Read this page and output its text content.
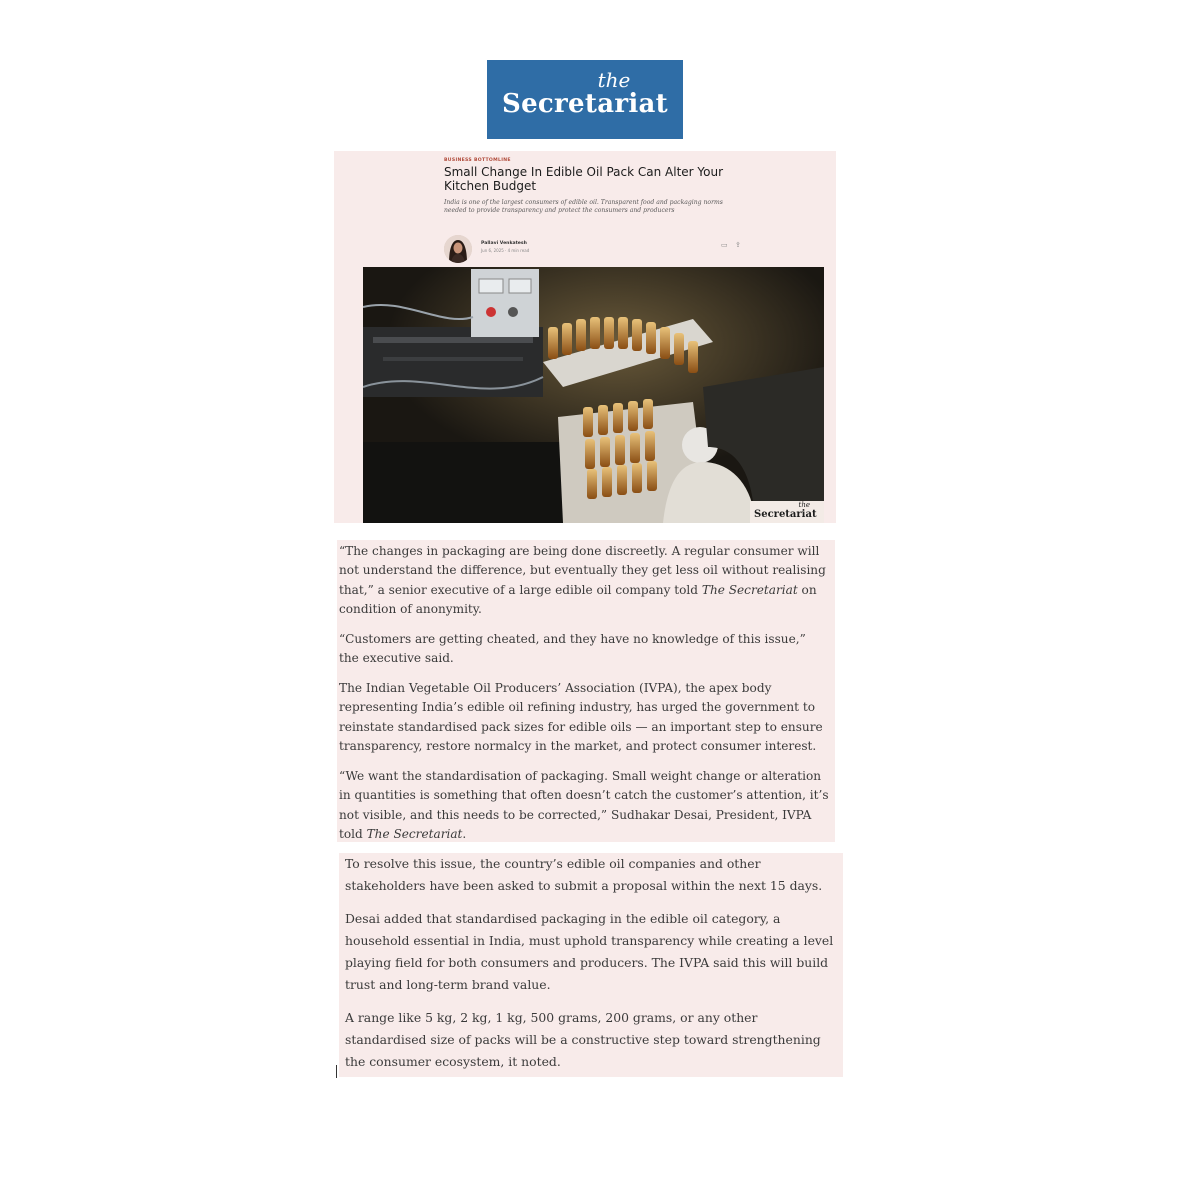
the
Secretariat
BUSINESS BOTTOMLINE
Small Change In Edible Oil Pack Can Alter Your Kitchen Budget

India is one of the largest consumers of edible oil. Transparent food and packaging norms needed to provide transparency and protect the consumers and producers

Pallavi Venkatesh
Jun 6, 2025 · 4 min read
▭ ⇪
the
Secretariat

“The changes in packaging are being done discreetly. A regular consumer will not understand the difference, but eventually they get less oil without realising that,” a senior executive of a large edible oil company told The Secretariat on condition of anonymity.

“Customers are getting cheated, and they have no knowledge of this issue,” the executive said.

The Indian Vegetable Oil Producers’ Association (IVPA), the apex body representing India’s edible oil refining industry, has urged the government to reinstate standardised pack sizes for edible oils — an important step to ensure transparency, restore normalcy in the market, and protect consumer interest.

“We want the standardisation of packaging. Small weight change or alteration in quantities is something that often doesn’t catch the customer’s attention, it’s not visible, and this needs to be corrected,” Sudhakar Desai, President, IVPA told The Secretariat.

To resolve this issue, the country’s edible oil companies and other stakeholders have been asked to submit a proposal within the next 15 days.

Desai added that standardised packaging in the edible oil category, a household essential in India, must uphold transparency while creating a level playing field for both consumers and producers. The IVPA said this will build trust and long-term brand value.

A range like 5 kg, 2 kg, 1 kg, 500 grams, 200 grams, or any other standardised size of packs will be a constructive step toward strengthening the consumer ecosystem, it noted.
